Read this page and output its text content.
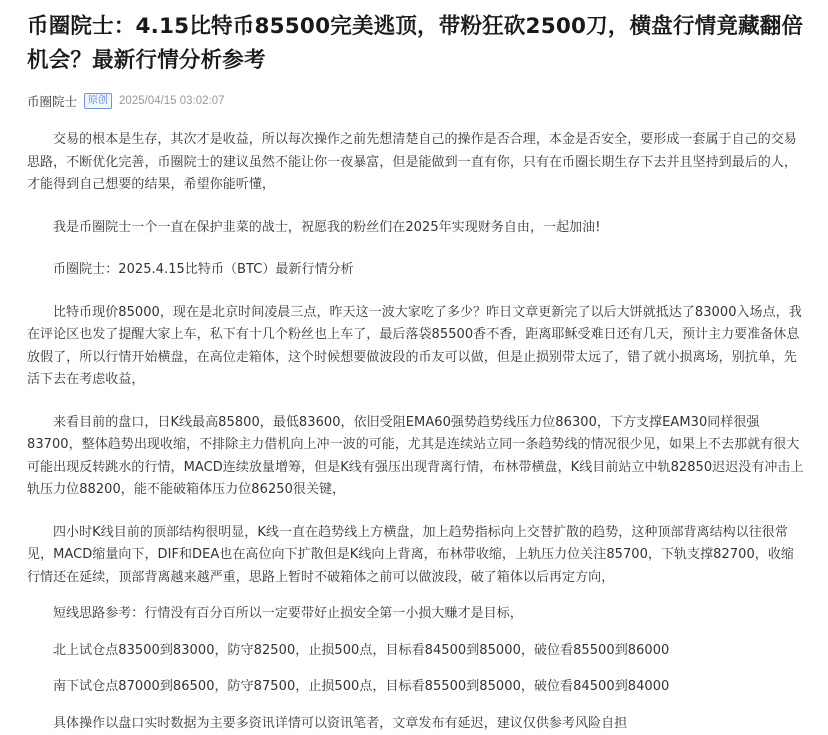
币圈院士：4.15比特币85500完美逃顶，带粉狂砍2500刀，横盘行情竟藏翻倍机会？最新行情分析参考
币圈院士	原创 2025/04/15 03:02:07

交易的根本是生存，其次才是收益，所以每次操作之前先想清楚自己的操作是否合理，本金是否安全，要形成一套属于自己的交易思路，不断优化完善，币圈院士的建议虽然不能让你一夜暴富，但是能做到一直有你，只有在币圈长期生存下去并且坚持到最后的人，才能得到自己想要的结果，希望你能听懂，

我是币圈院士一个一直在保护韭菜的战士，祝愿我的粉丝们在2025年实现财务自由，一起加油!

币圈院士：2025.4.15比特币（BTC）最新行情分析

比特币现价85000，现在是北京时间凌晨三点，昨天这一波大家吃了多少？昨日文章更新完了以后大饼就抵达了83000入场点，我在评论区也发了提醒大家上车，私下有十几个粉丝也上车了，最后落袋85500香不香，距离耶稣受难日还有几天，预计主力要准备休息放假了，所以行情开始横盘，在高位走箱体，这个时候想要做波段的币友可以做，但是止损别带太远了，错了就小损离场，别抗单，先活下去在考虑收益，

来看目前的盘口，日K线最高85800，最低83600，依旧受阻EMA60强势趋势线压力位86300，下方支撑EAM30同样很强83700，整体趋势出现收缩，不排除主力借机向上冲一波的可能，尤其是连续站立同一条趋势线的情况很少见，如果上不去那就有很大可能出现反转跳水的行情，MACD连续放量增筹，但是K线有强压出现背离行情，布林带横盘，K线目前站立中轨82850迟迟没有冲击上轨压力位88200，能不能破箱体压力位86250很关键，

四小时K线目前的顶部结构很明显，K线一直在趋势线上方横盘，加上趋势指标向上交替扩散的趋势，这种顶部背离结构以往很常见，MACD缩量向下，DIF和DEA也在高位向下扩散但是K线向上背离，布林带收缩，上轨压力位关注85700，下轨支撑82700，收缩行情还在延续，顶部背离越来越严重，思路上暂时不破箱体之前可以做波段，破了箱体以后再定方向，

短线思路参考：行情没有百分百所以一定要带好止损安全第一小损大赚才是目标，

北上试仓点83500到83000，防守82500，止损500点，目标看84500到85000，破位看85500到86000

南下试仓点87000到86500，防守87500，止损500点，目标看85500到85000，破位看84500到84000

具体操作以盘口实时数据为主要多资讯详情可以资讯笔者，文章发布有延迟，建议仅供参考风险自担
